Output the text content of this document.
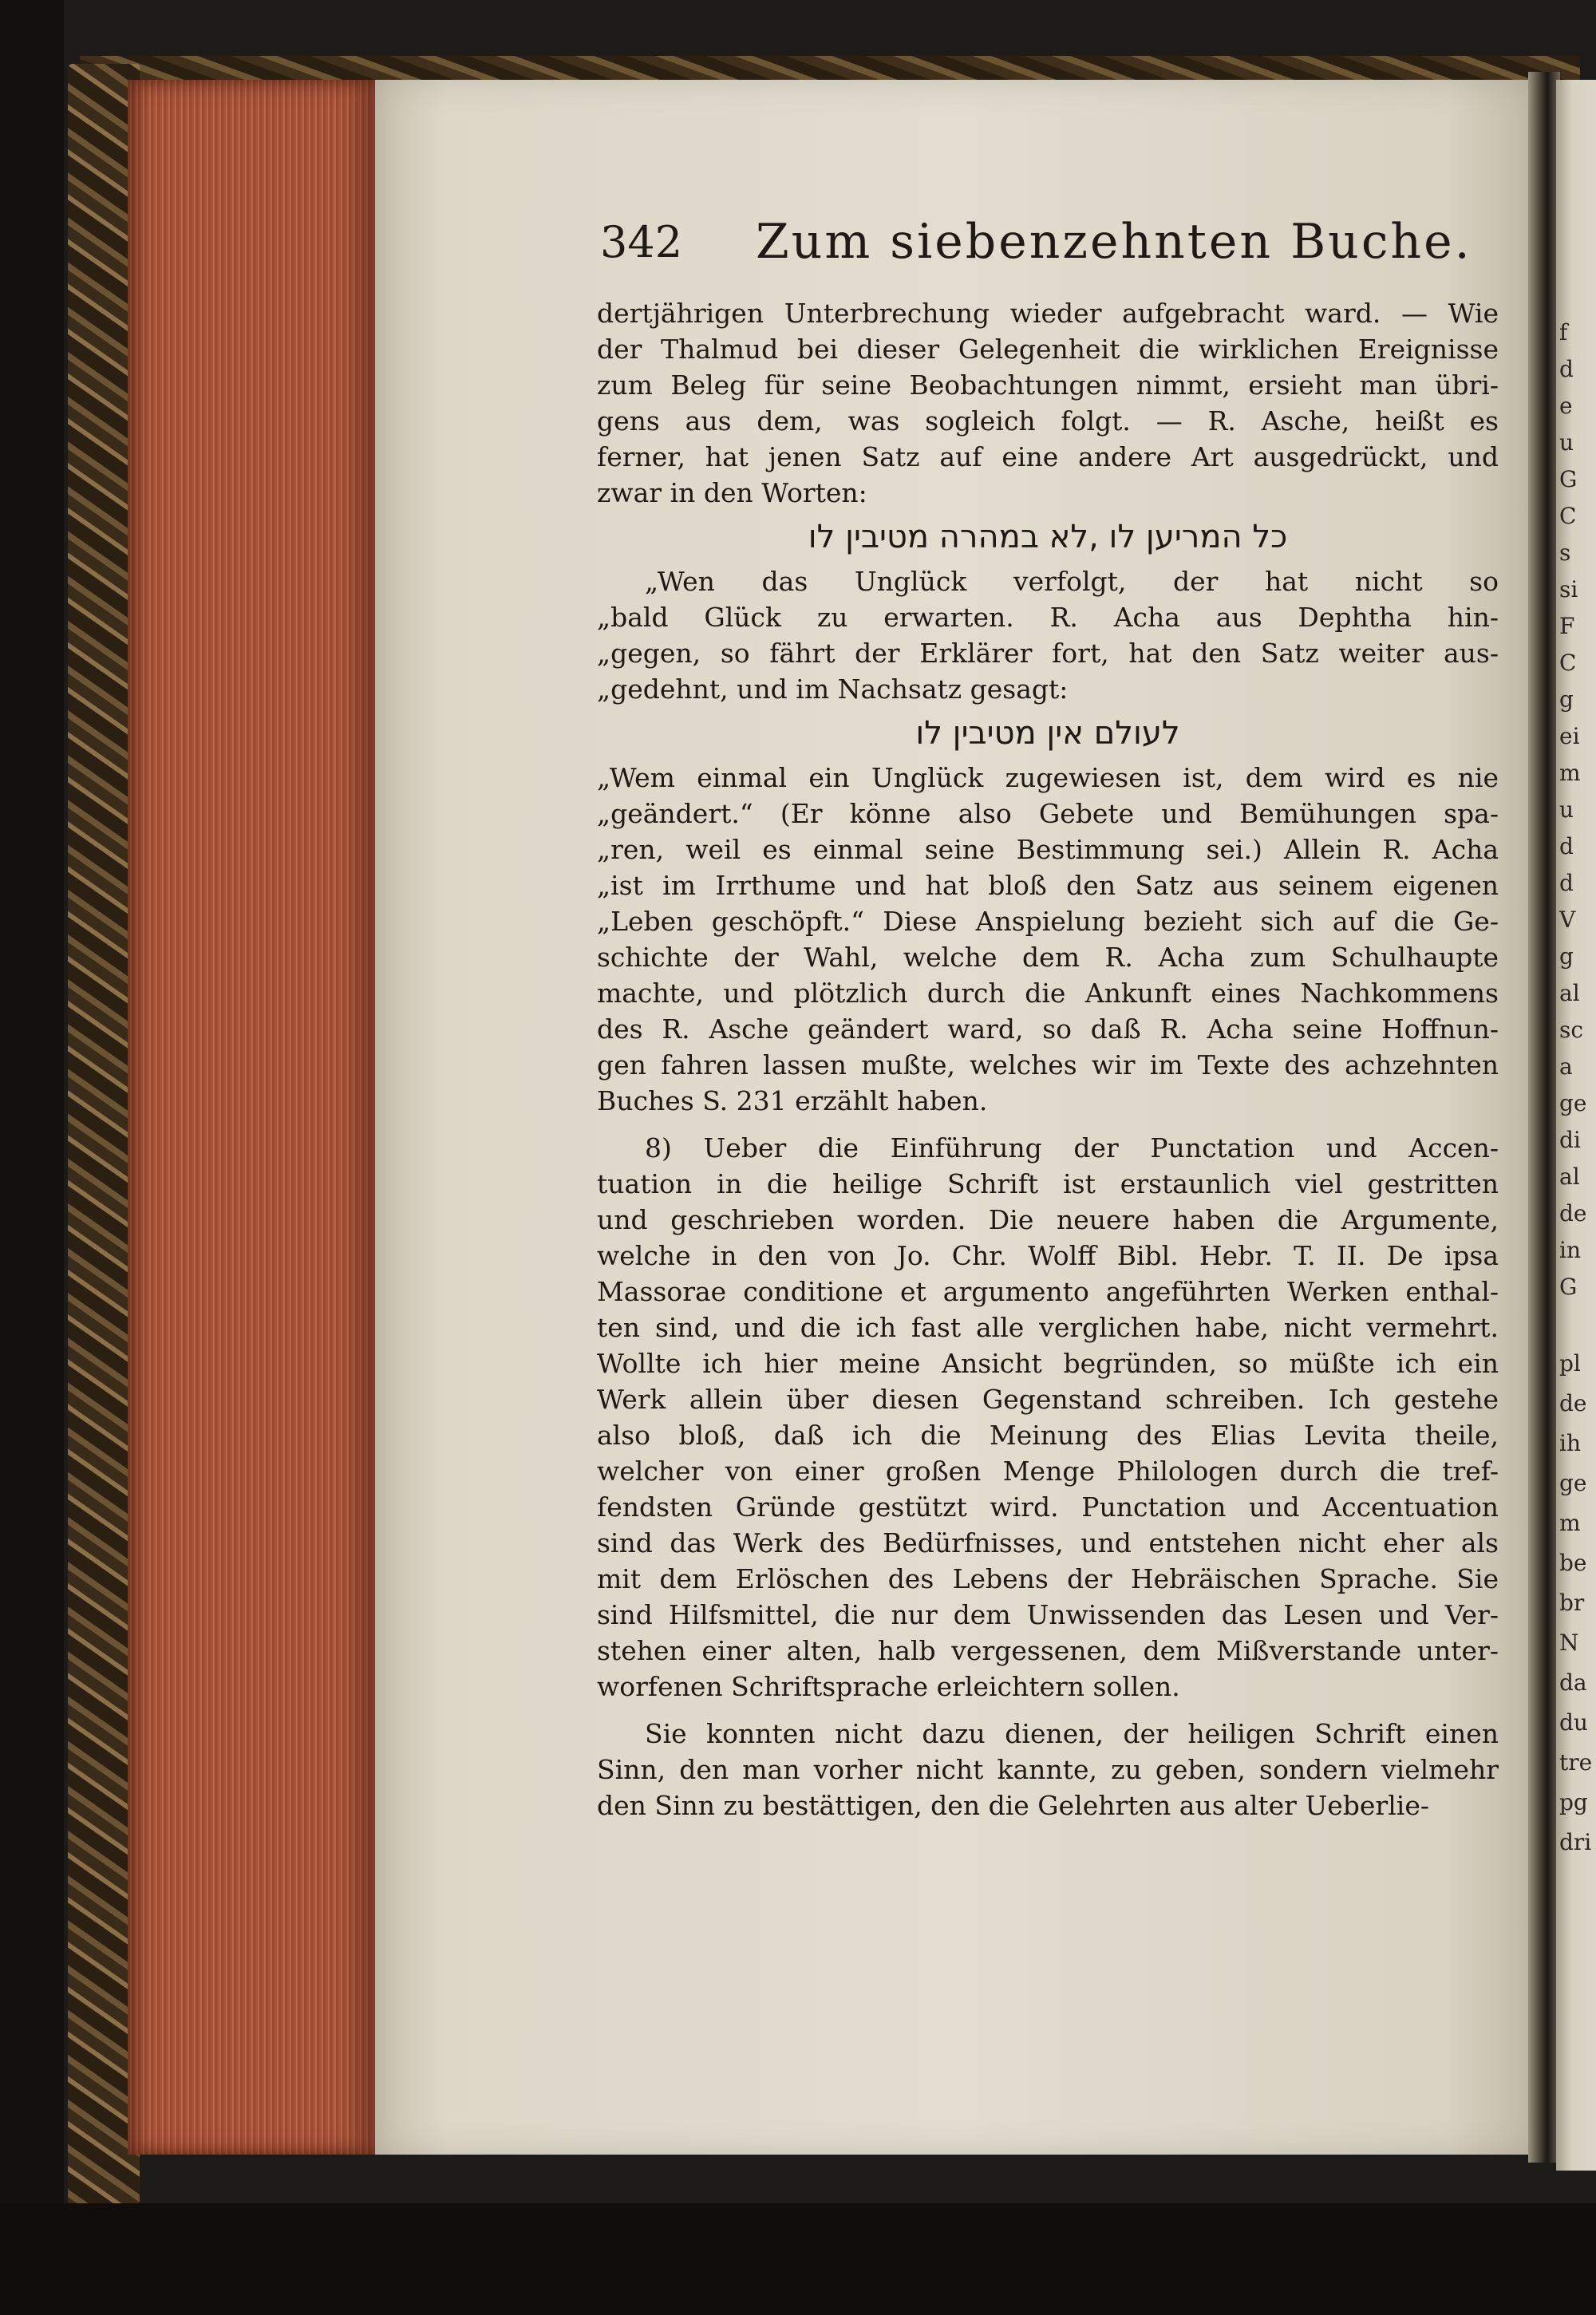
f
d
e
u
G
C
s
si
F
C
g
ei
m
u
d
d
V
g
al
sc
a
ge
di
al
de
in
G
pl
de
ih
ge
m
be
br
N
da
du
tre
pg
dri
342 Zum siebenzehnten Buche.
dertjährigen Unterbrechung wieder aufgebracht ward. — Wie
der Thalmud bei dieser Gelegenheit die wirklichen Ereignisse
zum Beleg für seine Beobachtungen nimmt, ersieht man übri-
gens aus dem, was sogleich folgt. — R. Asche, heißt es
ferner, hat jenen Satz auf eine andere Art ausgedrückt, und
zwar in den Worten:
כל המריען לו ,לא במהרה מטיבין לו
„Wen das Unglück verfolgt, der hat nicht so
„bald Glück zu erwarten. R. Acha aus Dephtha hin-
„gegen, so fährt der Erklärer fort, hat den Satz weiter aus-
„gedehnt, und im Nachsatz gesagt:
לעולם אין מטיבין לו
„Wem einmal ein Unglück zugewiesen ist, dem wird es nie
„geändert.“ (Er könne also Gebete und Bemühungen spa-
„ren, weil es einmal seine Bestimmung sei.) Allein R. Acha
„ist im Irrthume und hat bloß den Satz aus seinem eigenen
„Leben geschöpft.“ Diese Anspielung bezieht sich auf die Ge-
schichte der Wahl, welche dem R. Acha zum Schulhaupte
machte, und plötzlich durch die Ankunft eines Nachkommens
des R. Asche geändert ward, so daß R. Acha seine Hoffnun-
gen fahren lassen mußte, welches wir im Texte des achzehnten
Buches S. 231 erzählt haben.
8) Ueber die Einführung der Punctation und Accen-
tuation in die heilige Schrift ist erstaunlich viel gestritten
und geschrieben worden. Die neuere haben die Argumente,
welche in den von Jo. Chr. Wolff Bibl. Hebr. T. II. De ipsa
Massorae conditione et argumento angeführten Werken enthal-
ten sind, und die ich fast alle verglichen habe, nicht vermehrt.
Wollte ich hier meine Ansicht begründen, so müßte ich ein
Werk allein über diesen Gegenstand schreiben. Ich gestehe
also bloß, daß ich die Meinung des Elias Levita theile,
welcher von einer großen Menge Philologen durch die tref-
fendsten Gründe gestützt wird. Punctation und Accentuation
sind das Werk des Bedürfnisses, und entstehen nicht eher als
mit dem Erlöschen des Lebens der Hebräischen Sprache. Sie
sind Hilfsmittel, die nur dem Unwissenden das Lesen und Ver-
stehen einer alten, halb vergessenen, dem Mißverstande unter-
worfenen Schriftsprache erleichtern sollen.
Sie konnten nicht dazu dienen, der heiligen Schrift einen
Sinn, den man vorher nicht kannte, zu geben, sondern vielmehr
den Sinn zu bestättigen, den die Gelehrten aus alter Ueberlie-
